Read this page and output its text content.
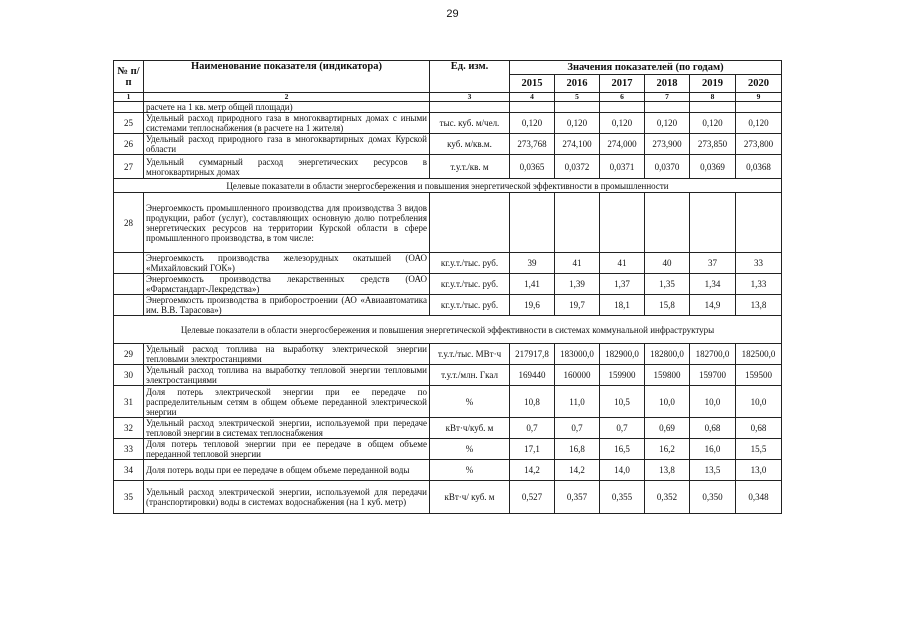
29
№ п/п	Наименование показателя (индикатора)	Ед. изм.	Значения показателей (по годам)					
			2015	2016	2017	2018	2019	2020
1	2	3	4	5	6	7	8	9
	расчете на 1 кв. метр общей площади)							
25	Удельный расход природного газа в многоквартирных домах с иными системами теплоснабжения (в расчете на 1 жителя)	тыс. куб. м/чел.	0,120	0,120	0,120	0,120	0,120	0,120
26	Удельный расход природного газа в многоквартирных домах Курской области	куб. м/кв.м.	273,768	274,100	274,000	273,900	273,850	273,800
27	Удельный суммарный расход энергетических ресурсов в многоквартирных домах	т.у.т./кв. м	0,0365	0,0372	0,0371	0,0370	0,0369	0,0368
Целевые показатели в области энергосбережения и повышения энергетической эффективности в промышленности								
28	Энергоемкость промышленного производства для производства 3 видов продукции, работ (услуг), составляющих основную долю потребления энергетических ресурсов на территории Курской области в сфере промышленного производства, в том числе:							
	Энергоемкость производства железорудных окатышей (ОАО «Михайловский ГОК»)	кг.у.т./тыс. руб.	39	41	41	40	37	33
	Энергоемкость производства лекарственных средств (ОАО «Фармстандарт-Лекредства»)	кг.у.т./тыс. руб.	1,41	1,39	1,37	1,35	1,34	1,33
	Энергоемкость производства в приборостроении (АО «Авиаавтоматика им. В.В. Тарасова»)	кг.у.т./тыс. руб.	19,6	19,7	18,1	15,8	14,9	13,8
Целевые показатели в области энергосбережения и повышения энергетической эффективности в системах коммунальной инфраструктуры								
29	Удельный расход топлива на выработку электрической энергии тепловыми электростанциями	т.у.т./тыс. МВт·ч	217917,8	183000,0	182900,0	182800,0	182700,0	182500,0
30	Удельный расход топлива на выработку тепловой энергии тепловыми электростанциями	т.у.т./млн. Гкал	169440	160000	159900	159800	159700	159500
31	Доля потерь электрической энергии при ее передаче по распределительным сетям в общем объеме переданной электрической энергии	%	10,8	11,0	10,5	10,0	10,0	10,0
32	Удельный расход электрической энергии, используемой при передаче тепловой энергии в системах теплоснабжения	кВт·ч/куб. м	0,7	0,7	0,7	0,69	0,68	0,68
33	Доля потерь тепловой энергии при ее передаче в общем объеме переданной тепловой энергии	%	17,1	16,8	16,5	16,2	16,0	15,5
34	Доля потерь воды при ее передаче в общем объеме переданной воды	%	14,2	14,2	14,0	13,8	13,5	13,0
35	Удельный расход электрической энергии, используемой для передачи (транспортировки) воды в системах водоснабжения (на 1 куб. метр)	кВт·ч/ куб. м	0,527	0,357	0,355	0,352	0,350	0,348
